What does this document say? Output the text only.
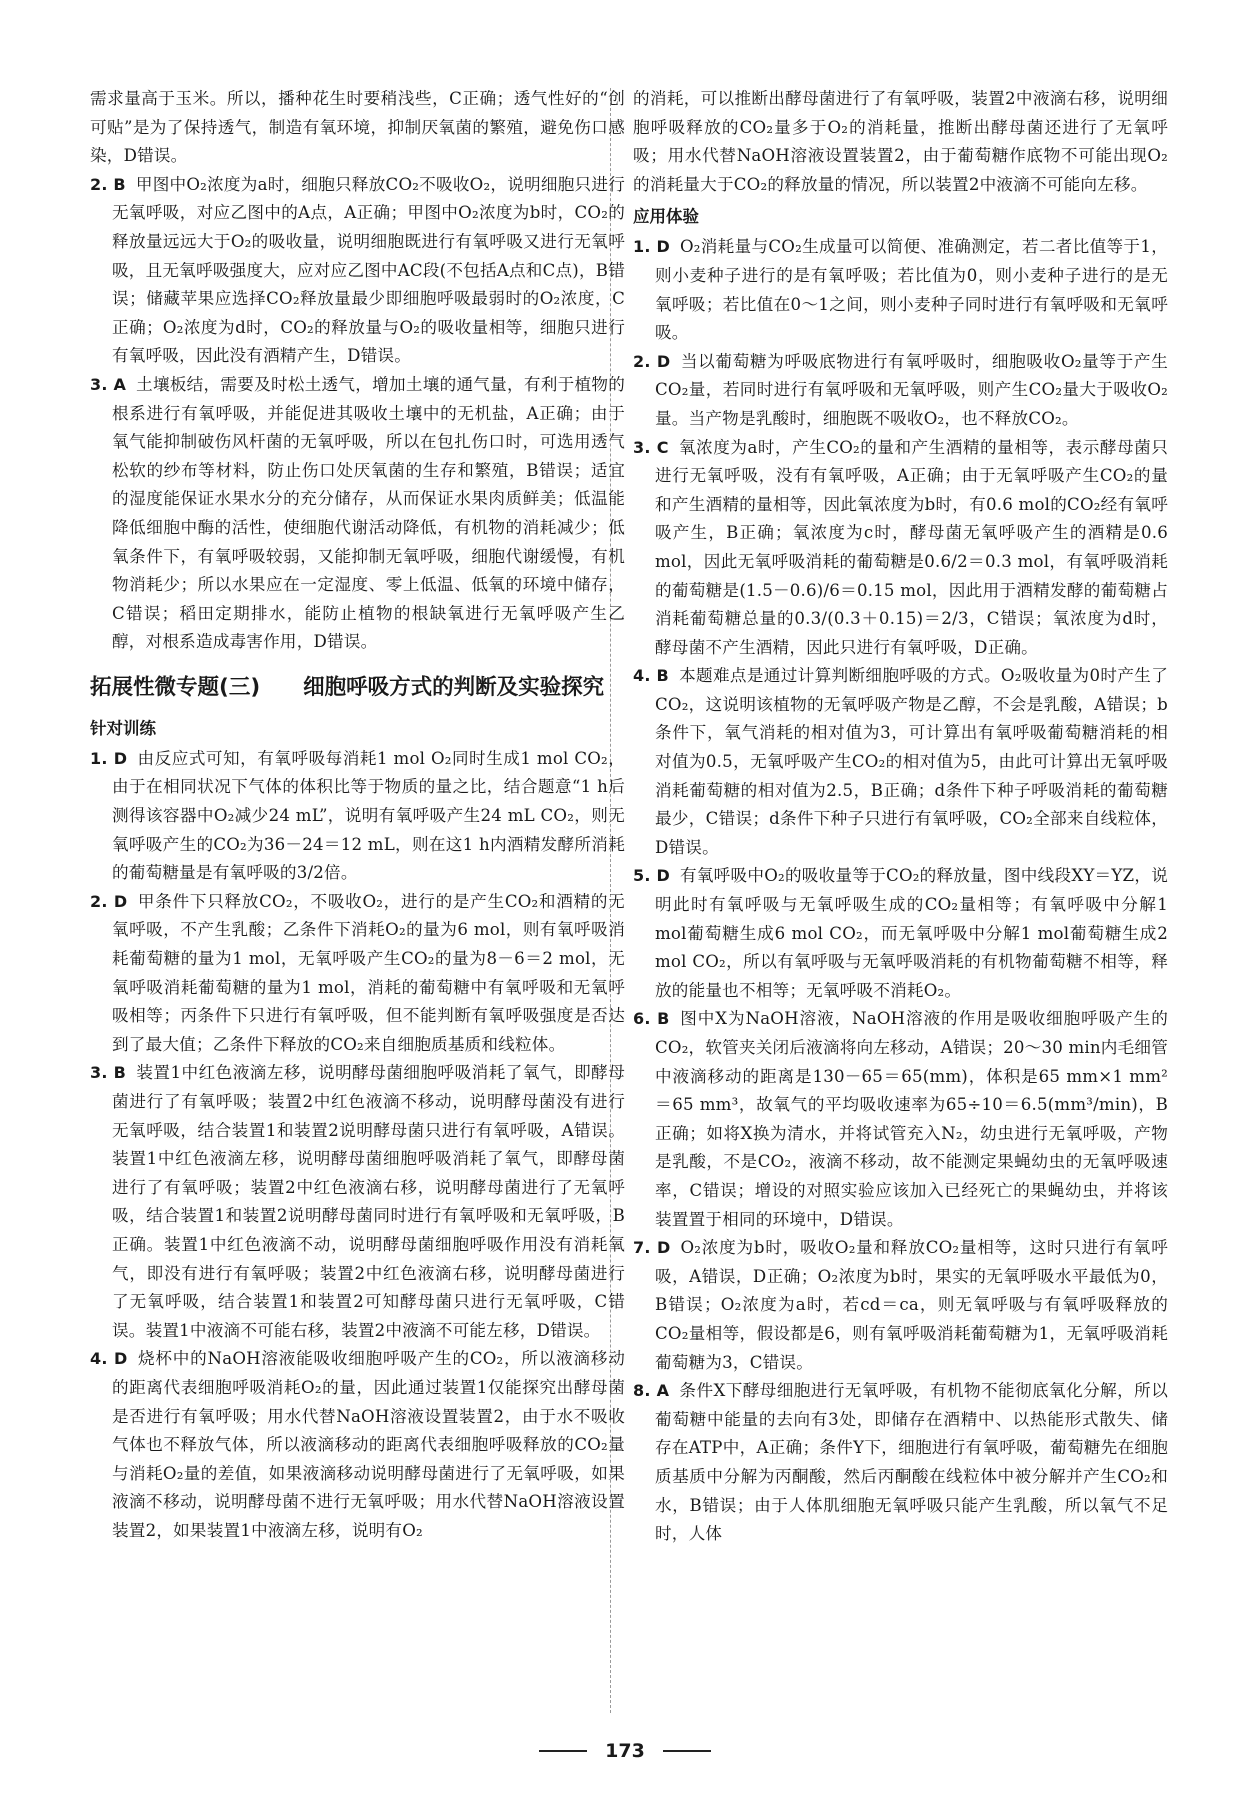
需求量高于玉米。所以，播种花生时要稍浅些，C正确；透气性好的“创可贴”是为了保持透气，制造有氧环境，抑制厌氧菌的繁殖，避免伤口感染，D错误。

2. B 甲图中O₂浓度为a时，细胞只释放CO₂不吸收O₂，说明细胞只进行无氧呼吸，对应乙图中的A点，A正确；甲图中O₂浓度为b时，CO₂的释放量远远大于O₂的吸收量，说明细胞既进行有氧呼吸又进行无氧呼吸，且无氧呼吸强度大，应对应乙图中AC段(不包括A点和C点)，B错误；储藏苹果应选择CO₂释放量最少即细胞呼吸最弱时的O₂浓度，C正确；O₂浓度为d时，CO₂的释放量与O₂的吸收量相等，细胞只进行有氧呼吸，因此没有酒精产生，D错误。

3. A 土壤板结，需要及时松土透气，增加土壤的通气量，有利于植物的根系进行有氧呼吸，并能促进其吸收土壤中的无机盐，A正确；由于氧气能抑制破伤风杆菌的无氧呼吸，所以在包扎伤口时，可选用透气松软的纱布等材料，防止伤口处厌氧菌的生存和繁殖，B错误；适宜的湿度能保证水果水分的充分储存，从而保证水果肉质鲜美；低温能降低细胞中酶的活性，使细胞代谢活动降低，有机物的消耗减少；低氧条件下，有氧呼吸较弱，又能抑制无氧呼吸，细胞代谢缓慢，有机物消耗少；所以水果应在一定湿度、零上低温、低氧的环境中储存，C错误；稻田定期排水，能防止植物的根缺氧进行无氧呼吸产生乙醇，对根系造成毒害作用，D错误。

拓展性微专题(三)	细胞呼吸方式的判断及实验探究
针对训练

1. D 由反应式可知，有氧呼吸每消耗1 mol O₂同时生成1 mol CO₂，由于在相同状况下气体的体积比等于物质的量之比，结合题意“1 h后测得该容器中O₂减少24 mL”，说明有氧呼吸产生24 mL CO₂，则无氧呼吸产生的CO₂为36－24＝12 mL，则在这1 h内酒精发酵所消耗的葡萄糖量是有氧呼吸的3/2倍。

2. D 甲条件下只释放CO₂，不吸收O₂，进行的是产生CO₂和酒精的无氧呼吸，不产生乳酸；乙条件下消耗O₂的量为6 mol，则有氧呼吸消耗葡萄糖的量为1 mol，无氧呼吸产生CO₂的量为8－6＝2 mol，无氧呼吸消耗葡萄糖的量为1 mol，消耗的葡萄糖中有氧呼吸和无氧呼吸相等；丙条件下只进行有氧呼吸，但不能判断有氧呼吸强度是否达到了最大值；乙条件下释放的CO₂来自细胞质基质和线粒体。

3. B 装置1中红色液滴左移，说明酵母菌细胞呼吸消耗了氧气，即酵母菌进行了有氧呼吸；装置2中红色液滴不移动，说明酵母菌没有进行无氧呼吸，结合装置1和装置2说明酵母菌只进行有氧呼吸，A错误。装置1中红色液滴左移，说明酵母菌细胞呼吸消耗了氧气，即酵母菌进行了有氧呼吸；装置2中红色液滴右移，说明酵母菌进行了无氧呼吸，结合装置1和装置2说明酵母菌同时进行有氧呼吸和无氧呼吸，B正确。装置1中红色液滴不动，说明酵母菌细胞呼吸作用没有消耗氧气，即没有进行有氧呼吸；装置2中红色液滴右移，说明酵母菌进行了无氧呼吸，结合装置1和装置2可知酵母菌只进行无氧呼吸，C错误。装置1中液滴不可能右移，装置2中液滴不可能左移，D错误。

4. D 烧杯中的NaOH溶液能吸收细胞呼吸产生的CO₂，所以液滴移动的距离代表细胞呼吸消耗O₂的量，因此通过装置1仅能探究出酵母菌是否进行有氧呼吸；用水代替NaOH溶液设置装置2，由于水不吸收气体也不释放气体，所以液滴移动的距离代表细胞呼吸释放的CO₂量与消耗O₂量的差值，如果液滴移动说明酵母菌进行了无氧呼吸，如果液滴不移动，说明酵母菌不进行无氧呼吸；用水代替NaOH溶液设置装置2，如果装置1中液滴左移，说明有O₂

的消耗，可以推断出酵母菌进行了有氧呼吸，装置2中液滴右移，说明细胞呼吸释放的CO₂量多于O₂的消耗量，推断出酵母菌还进行了无氧呼吸；用水代替NaOH溶液设置装置2，由于葡萄糖作底物不可能出现O₂的消耗量大于CO₂的释放量的情况，所以装置2中液滴不可能向左移。

应用体验

1. D O₂消耗量与CO₂生成量可以简便、准确测定，若二者比值等于1，则小麦种子进行的是有氧呼吸；若比值为0，则小麦种子进行的是无氧呼吸；若比值在0～1之间，则小麦种子同时进行有氧呼吸和无氧呼吸。

2. D 当以葡萄糖为呼吸底物进行有氧呼吸时，细胞吸收O₂量等于产生CO₂量，若同时进行有氧呼吸和无氧呼吸，则产生CO₂量大于吸收O₂量。当产物是乳酸时，细胞既不吸收O₂，也不释放CO₂。

3. C 氧浓度为a时，产生CO₂的量和产生酒精的量相等，表示酵母菌只进行无氧呼吸，没有有氧呼吸，A正确；由于无氧呼吸产生CO₂的量和产生酒精的量相等，因此氧浓度为b时，有0.6 mol的CO₂经有氧呼吸产生，B正确；氧浓度为c时，酵母菌无氧呼吸产生的酒精是0.6 mol，因此无氧呼吸消耗的葡萄糖是0.6/2＝0.3 mol，有氧呼吸消耗的葡萄糖是(1.5－0.6)/6＝0.15 mol，因此用于酒精发酵的葡萄糖占消耗葡萄糖总量的0.3/(0.3＋0.15)＝2/3，C错误；氧浓度为d时，酵母菌不产生酒精，因此只进行有氧呼吸，D正确。

4. B 本题难点是通过计算判断细胞呼吸的方式。O₂吸收量为0时产生了CO₂，这说明该植物的无氧呼吸产物是乙醇，不会是乳酸，A错误；b条件下，氧气消耗的相对值为3，可计算出有氧呼吸葡萄糖消耗的相对值为0.5，无氧呼吸产生CO₂的相对值为5，由此可计算出无氧呼吸消耗葡萄糖的相对值为2.5，B正确；d条件下种子呼吸消耗的葡萄糖最少，C错误；d条件下种子只进行有氧呼吸，CO₂全部来自线粒体，D错误。

5. D 有氧呼吸中O₂的吸收量等于CO₂的释放量，图中线段XY＝YZ，说明此时有氧呼吸与无氧呼吸生成的CO₂量相等；有氧呼吸中分解1 mol葡萄糖生成6 mol CO₂，而无氧呼吸中分解1 mol葡萄糖生成2 mol CO₂，所以有氧呼吸与无氧呼吸消耗的有机物葡萄糖不相等，释放的能量也不相等；无氧呼吸不消耗O₂。

6. B 图中X为NaOH溶液，NaOH溶液的作用是吸收细胞呼吸产生的CO₂，软管夹关闭后液滴将向左移动，A错误；20～30 min内毛细管中液滴移动的距离是130－65＝65(mm)，体积是65 mm×1 mm²＝65 mm³，故氧气的平均吸收速率为65÷10＝6.5(mm³/min)，B正确；如将X换为清水，并将试管充入N₂，幼虫进行无氧呼吸，产物是乳酸，不是CO₂，液滴不移动，故不能测定果蝇幼虫的无氧呼吸速率，C错误；增设的对照实验应该加入已经死亡的果蝇幼虫，并将该装置置于相同的环境中，D错误。

7. D O₂浓度为b时，吸收O₂量和释放CO₂量相等，这时只进行有氧呼吸，A错误，D正确；O₂浓度为b时，果实的无氧呼吸水平最低为0，B错误；O₂浓度为a时，若cd＝ca，则无氧呼吸与有氧呼吸释放的CO₂量相等，假设都是6，则有氧呼吸消耗葡萄糖为1，无氧呼吸消耗葡萄糖为3，C错误。

8. A 条件X下酵母细胞进行无氧呼吸，有机物不能彻底氧化分解，所以葡萄糖中能量的去向有3处，即储存在酒精中、以热能形式散失、储存在ATP中，A正确；条件Y下，细胞进行有氧呼吸，葡萄糖先在细胞质基质中分解为丙酮酸，然后丙酮酸在线粒体中被分解并产生CO₂和水，B错误；由于人体肌细胞无氧呼吸只能产生乳酸，所以氧气不足时，人体

173
